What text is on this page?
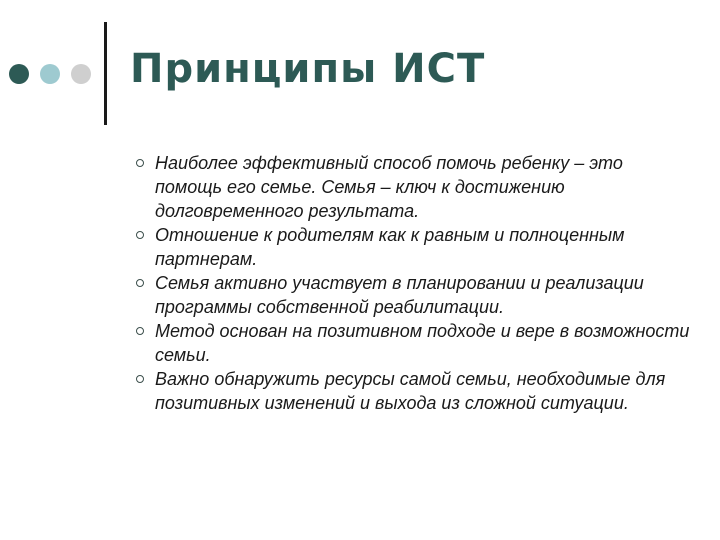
Принципы ИСТ
Наиболее эффективный способ помочь ребенку – это помощь его семье. Семья – ключ к достижению долговременного результата.
Отношение к родителям как к равным и полноценным партнерам.
Семья активно участвует в планировании и реализации программы собственной реабилитации.
Метод основан на позитивном подходе и вере в возможности семьи.
Важно обнаружить ресурсы самой семьи, необходимые для позитивных изменений и выхода из сложной ситуации.
